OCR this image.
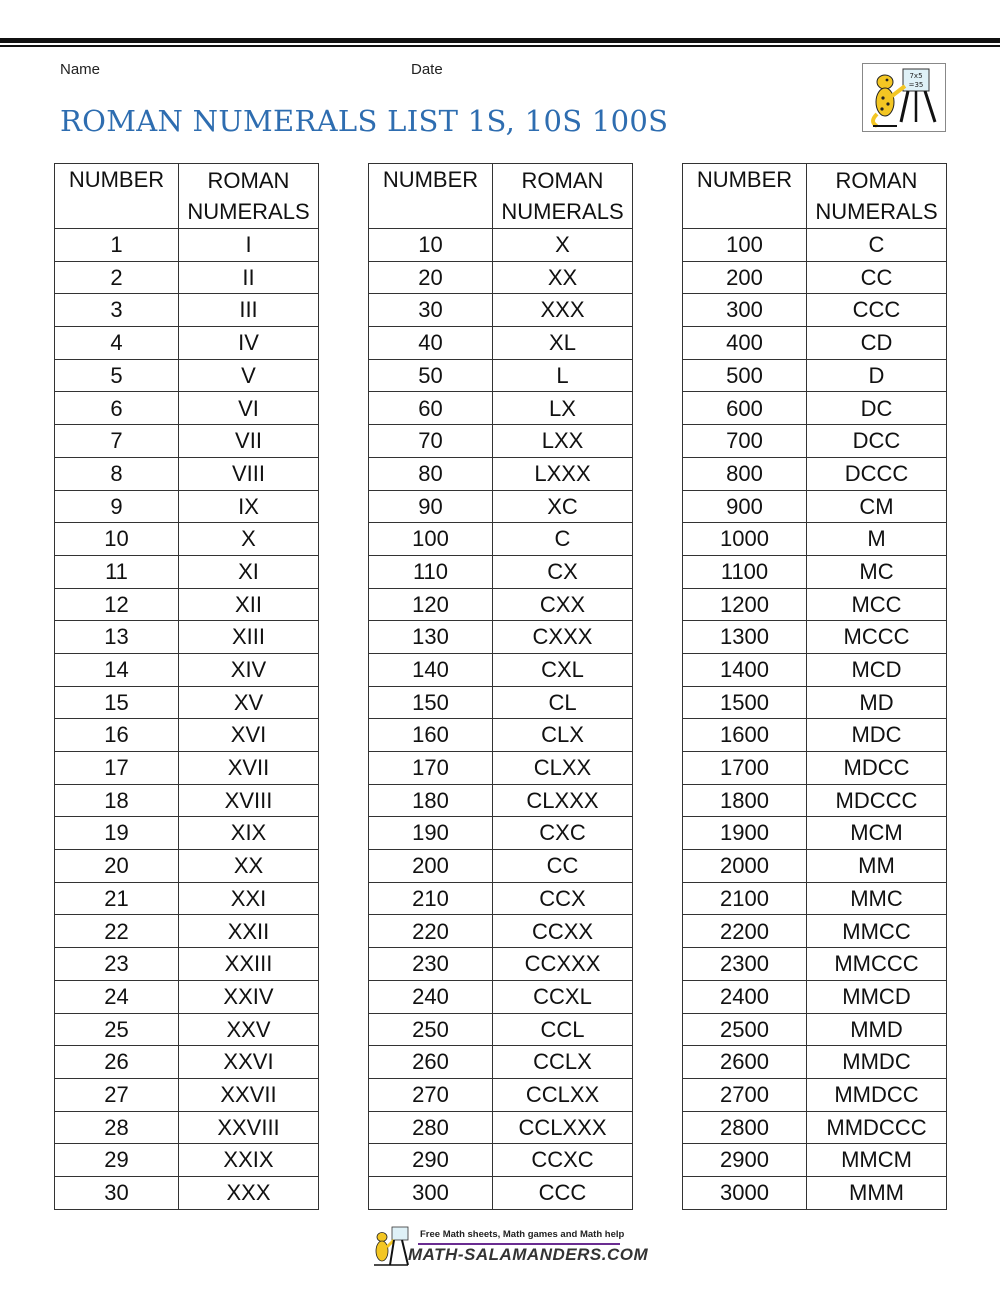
Name	Date
ROMAN NUMERALS LIST 1S, 10S 100S
7x5
=35
NUMBER	ROMAN
NUMERALS
1	I
2	II
3	III
4	IV
5	V
6	VI
7	VII
8	VIII
9	IX
10	X
11	XI
12	XII
13	XIII
14	XIV
15	XV
16	XVI
17	XVII
18	XVIII
19	XIX
20	XX
21	XXI
22	XXII
23	XXIII
24	XXIV
25	XXV
26	XXVI
27	XXVII
28	XXVIII
29	XXIX
30	XXX
NUMBER	ROMAN
NUMERALS
10	X
20	XX
30	XXX
40	XL
50	L
60	LX
70	LXX
80	LXXX
90	XC
100	C
110	CX
120	CXX
130	CXXX
140	CXL
150	CL
160	CLX
170	CLXX
180	CLXXX
190	CXC
200	CC
210	CCX
220	CCXX
230	CCXXX
240	CCXL
250	CCL
260	CCLX
270	CCLXX
280	CCLXXX
290	CCXC
300	CCC
NUMBER	ROMAN
NUMERALS
100	C
200	CC
300	CCC
400	CD
500	D
600	DC
700	DCC
800	DCCC
900	CM
1000	M
1100	MC
1200	MCC
1300	MCCC
1400	MCD
1500	MD
1600	MDC
1700	MDCC
1800	MDCCC
1900	MCM
2000	MM
2100	MMC
2200	MMCC
2300	MMCCC
2400	MMCD
2500	MMD
2600	MMDC
2700	MMDCC
2800	MMDCCC
2900	MMCM
3000	MMM
Free Math sheets, Math games and Math help
MATH-SALAMANDERS.COM
